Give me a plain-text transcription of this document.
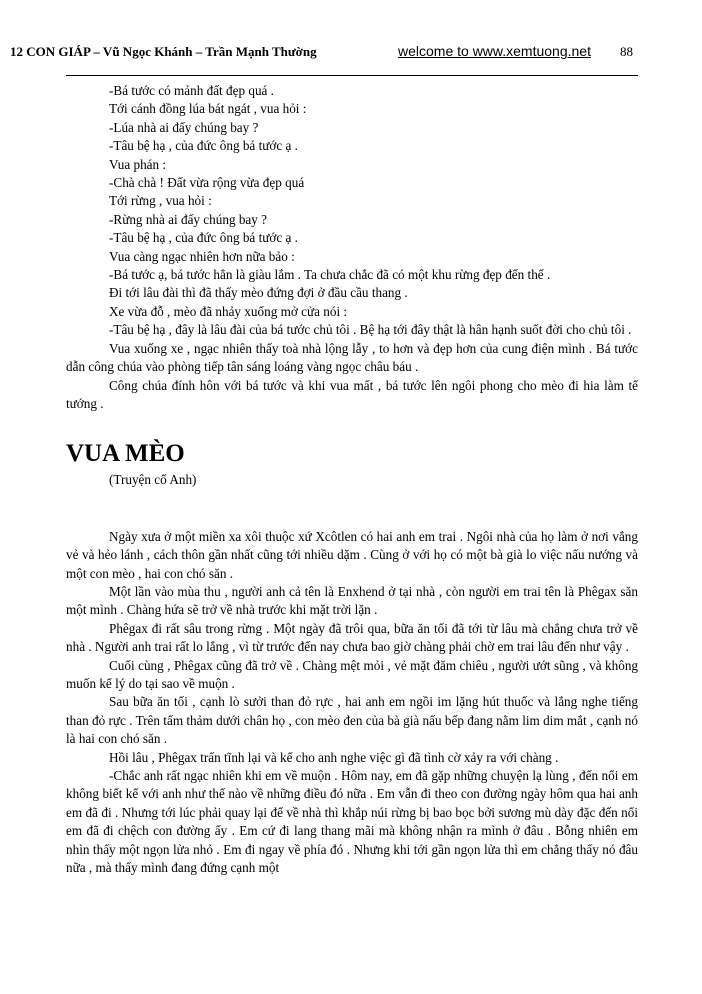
12 CON GIÁP – Vũ Ngọc Khánh – Trần Mạnh Thường	welcome to www.xemtuong.net 88

-Bá tước có mảnh đất đẹp quá .

Tới cánh đồng lúa bát ngát , vua hỏi :

-Lúa nhà ai đấy chúng bay ?

-Tâu bệ hạ , của đức ông bá tước ạ .

Vua phán :

-Chà chà ! Đất vừa rộng vừa đẹp quá

Tới rừng , vua hỏi :

-Rừng nhà ai đấy chúng bay ?

-Tâu bệ hạ , của đức ông bá tước ạ .

Vua càng ngạc nhiên hơn nữa bảo :

-Bá tước ạ, bá tước hẳn là giàu lắm . Ta chưa chắc đã có một khu rừng đẹp đến thế .

Đi tới lâu đài thì đã thấy mèo đứng đợi ở đầu cầu thang .

Xe vừa đỗ , mèo đã nhảy xuống mở cửa nói :

-Tâu bệ hạ , đây là lâu đài của bá tước chủ tôi . Bệ hạ tới đây thật là hân hạnh suốt đời cho chủ tôi .

Vua xuống xe , ngạc nhiên thấy toà nhà lộng lẫy , to hơn và đẹp hơn của cung điện mình . Bá tước dẫn công chúa vào phòng tiếp tân sáng loáng vàng ngọc châu báu .

Công chúa đính hôn với bá tước và khi vua mất , bá tước lên ngôi phong cho mèo đi hia làm tể tướng .

VUA MÈO

(Truyện cổ Anh)

Ngày xưa ở một miền xa xôi thuộc xứ Xcôtlen có hai anh em trai . Ngôi nhà của họ làm ở nơi vắng vẻ và hẻo lánh , cách thôn gần nhất cũng tới nhiều dặm . Cùng ở với họ có một bà già lo việc nấu nướng và một con mèo , hai con chó săn .

Một lần vào mùa thu , người anh cả tên là Enxhend ở tại nhà , còn người em trai tên là Phêgax săn một mình . Chàng hứa sẽ trở về nhà trước khi mặt trời lặn .

Phêgax đi rất sâu trong rừng . Một ngày đã trôi qua, bữa ăn tối đã tới từ lâu mà chẳng chưa trở về nhà . Người anh trai rất lo lắng , vì từ trước đến nay chưa bao giờ chàng phải chờ em trai lâu đến như vậy .

Cuối cùng , Phêgax cũng đã trở về . Chàng mệt mỏi , vẻ mặt đăm chiêu , người ướt sũng , và không muốn kể lý do tại sao về muộn .

Sau bữa ăn tối , cạnh lò sưởi than đỏ rực , hai anh em ngồi im lặng hút thuốc và lắng nghe tiếng than đỏ rực . Trên tấm thảm dưới chân họ , con mèo đen của bà già nấu bếp đang nằm lim dim mắt , cạnh nó là hai con chó săn .

Hồi lâu , Phêgax trấn tĩnh lại và kể cho anh nghe việc gì đã tình cờ xảy ra với chàng .

-Chắc anh rất ngạc nhiên khi em về muộn . Hôm nay, em đã gặp những chuyện lạ lùng , đến nổi em không biết kể với anh như thế nào về những điều đó nữa . Em vẫn đi theo con đường ngày hôm qua hai anh em đã đi . Nhưng tới lúc phải quay lại để về nhà thì khắp núi rừng bị bao bọc bởi sương mù dày đặc đến nổi em đã đi chệch con đường ấy . Em cứ đi lang thang mãi mà không nhận ra mình ở đâu . Bỗng nhiên em nhìn thấy một ngọn lửa nhỏ . Em đi ngay về phía đó . Nhưng khi tới gần ngọn lửa thì em chẳng thấy nó đâu nữa , mà thấy mình đang đứng cạnh một
